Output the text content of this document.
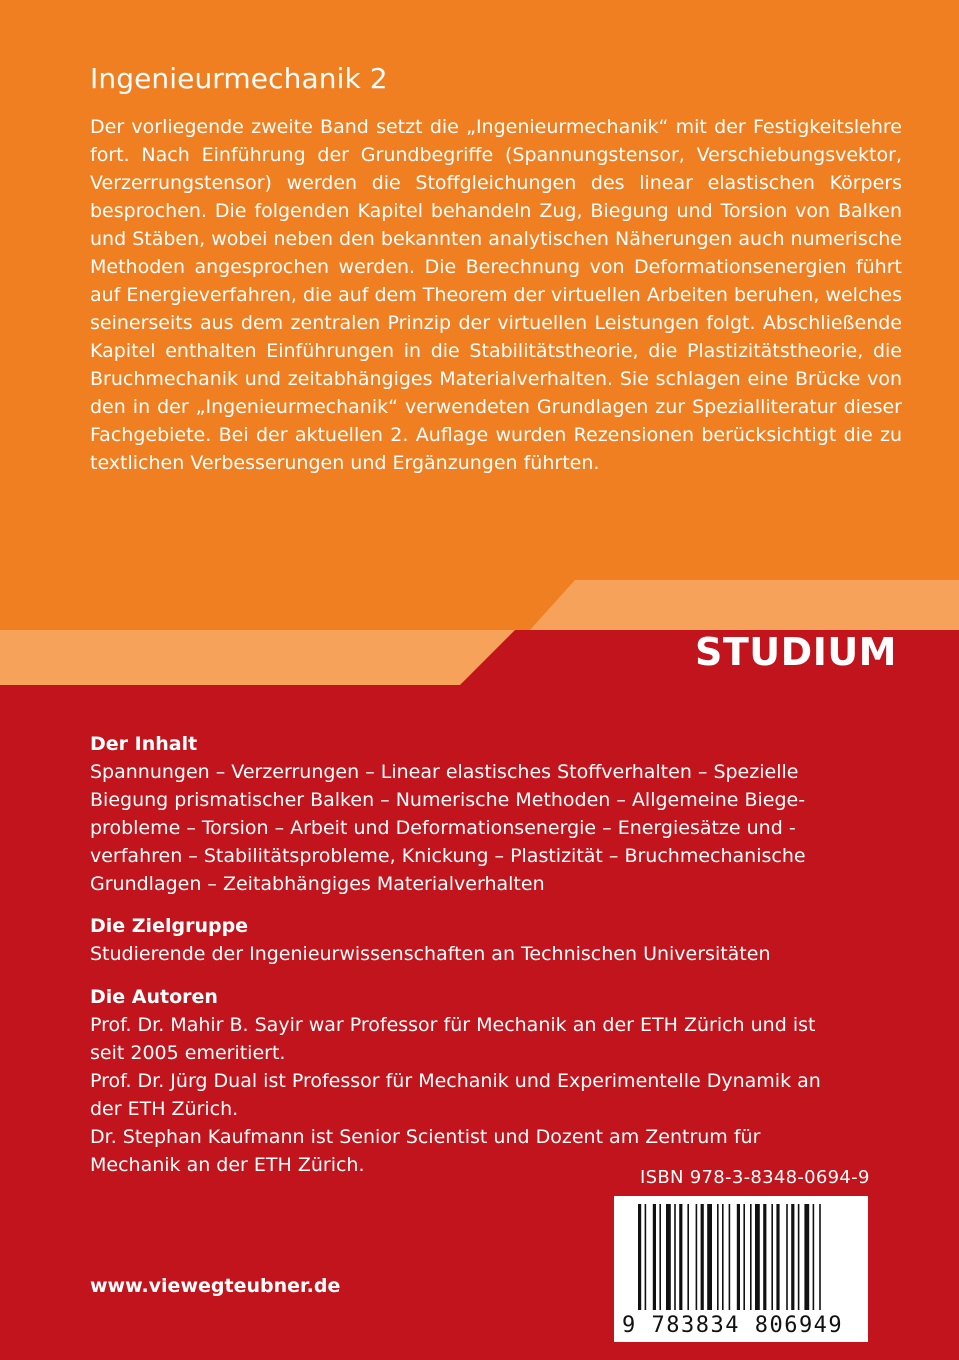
Ingenieurmechanik 2

Der vorliegende zweite Band setzt die „Ingenieurmechanik“ mit der Festigkeitslehre fort. Nach Einführung der Grundbegriffe (Spannungstensor, Verschiebungsvektor, Verzerrungstensor) werden die Stoffgleichungen des linear elastischen Körpers besprochen. Die folgenden Kapitel behandeln Zug, Biegung und Torsion von Balken und Stäben, wobei neben den bekannten analytischen Näherungen auch numerische Methoden angesprochen werden. Die Berechnung von Deformationsenergien führt auf Energieverfahren, die auf dem Theorem der virtuellen Arbeiten beruhen, welches seinerseits aus dem zentralen Prinzip der virtuellen Leistungen folgt. Abschließende Kapitel enthalten Einführungen in die Stabilitätstheorie, die Plastizitätstheorie, die Bruchmechanik und zeitabhängiges Materialverhalten. Sie schlagen eine Brücke von den in der „Ingenieurmechanik“ verwendeten Grundlagen zur Spezialliteratur dieser Fachgebiete. Bei der aktuellen 2. Auflage wurden Rezensionen berücksichtigt die zu textlichen Verbesserungen und Ergänzungen führten.

STUDIUM
Der Inhalt

Spannungen – Verzerrungen – Linear elastisches Stoffverhalten – Spezielle Biegung prismatischer Balken – Numerische Methoden – Allgemeine Biegeprobleme – Torsion – Arbeit und Deformationsenergie – Energiesätze und -verfahren – Stabilitätsprobleme, Knickung – Plastizität – Bruchmechanische Grundlagen – Zeitabhängiges Materialverhalten

Die Zielgruppe

Studierende der Ingenieurwissenschaften an Technischen Universitäten

Die Autoren

Prof. Dr. Mahir B. Sayir war Professor für Mechanik an der ETH Zürich und ist seit 2005 emeritiert.

Prof. Dr. Jürg Dual ist Professor für Mechanik und Experimentelle Dynamik an der ETH Zürich.

Dr. Stephan Kaufmann ist Senior Scientist und Dozent am Zentrum für Mechanik an der ETH Zürich.

ISBN 978-3-8348-0694-9
9 783834 806949
www.viewegteubner.de
